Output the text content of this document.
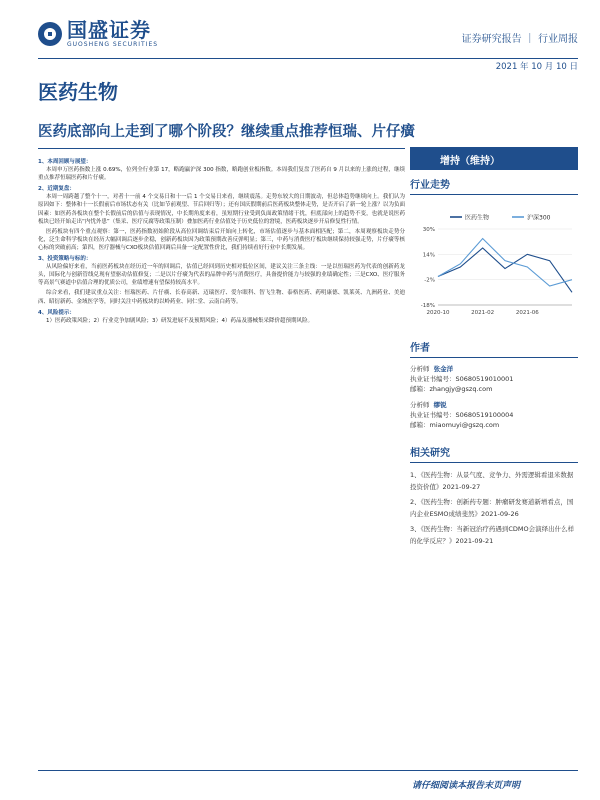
国盛证券
GUOSHENG SECURITIES	证券研究报告 ｜ 行业周报
2021 年 10 月 10 日
医药生物
医药底部向上走到了哪个阶段？继续重点推荐恒瑞、片仔癀
增持（维持）
1、本周回顾与展望：
本周申万医药指数上涨 0.69%，位列全行业第 17，略跑赢沪深 300 指数，略跑创业板指数。本周我们复盘了医药自 9 月以来的上涨的过程，继续重点推荐恒瑞医药和片仔癀。
2、近期复盘：
本周一周跨越了整个十一，对者十一前 4 个交易日和十一后 1 个交易日来看，继续震荡。走势东较大的日期波动，但总体趋势继续向上。我们认为原因如下：整体和十一长假前后市场状态有关（比如节前观望、节后回归等）；还有国庆假期前后医药板块整体走势，是否开启了新一轮上涨？以为负面因素：如医药各板块在整个长假前后的估值与表现情况，中长期角度来看，虽短期行业受到负面政策情绪干扰，但底部向上的趋势不变，也就是说医药板块已经开始走出“内忧外患”（集采、医疗反腐等政策压制）叠加医药行业估值处于历史低位的窘境，医药板块逐步开启修复性行情。
医药板块有四个重点观察：第一，医药指数初始阶段从高位回调结束后开始向上转化，市场估值逐步与基本面相匹配；第二，本周观察板块走势分化，泛生命科学板块在经历大幅回调后逐步企稳，创新药板块因为政策预期改善反弹明显；第三，中药与消费医疗板块继续保持较强走势，片仔癀等核心标的突破前高；第四，医疗器械与CXO板块估值回调后具备一定配置性价比，我们持续看好行业中长期发展。
3、投资策略与标的：
从风险偏好来看，当前医药板块在经历近一年的回调后，估值已经回到历史相对低位区间，建议关注三条主线：一是以恒瑞医药为代表的创新药龙头，国际化与创新管线兑现有望驱动估值修复；二是以片仔癀为代表的品牌中药与消费医疗，具备提价能力与较强的业绩确定性；三是CXO、医疗服务等高景气赛道中估值合理的优质公司，业绩增速有望保持较高水平。
综合来看，我们建议重点关注：恒瑞医药、片仔癀、长春高新、迈瑞医疗、爱尔眼科、智飞生物、泰格医药、药明康德、凯莱英、九洲药业、美迪西、昭衍新药、金域医学等，同时关注中药板块的以岭药业、同仁堂、云南白药等。
4、风险提示：
1）医药政策风险；2）行业竞争加剧风险；3）研发进展不及预期风险；4）药品及器械集采降价超预期风险。
行业走势
医药生物	沪深300
30%
14%
-2%
-18%
2020-10	2021-02	2021-06
作者
分析师 张金洋
执业证书编号：S0680519010001
邮箱：zhangjy@gszq.com
分析师 缪锐
执业证书编号：S0680519100004
邮箱：miaomuyi@gszq.com
相关研究
1、《医药生物：从景气度、竞争力、外需逻辑看退米数据投资价值》2021-09-27
2、《医药生物：创新药专题：肿瘤研发赛道新增看点，国内企业ESMO成绩斐然》2021-09-26
3、《医药生物：当新冠治疗药遇到CDMO会演绎出什么样的化学反应？》2021-09-21
请仔细阅读本报告末页声明
